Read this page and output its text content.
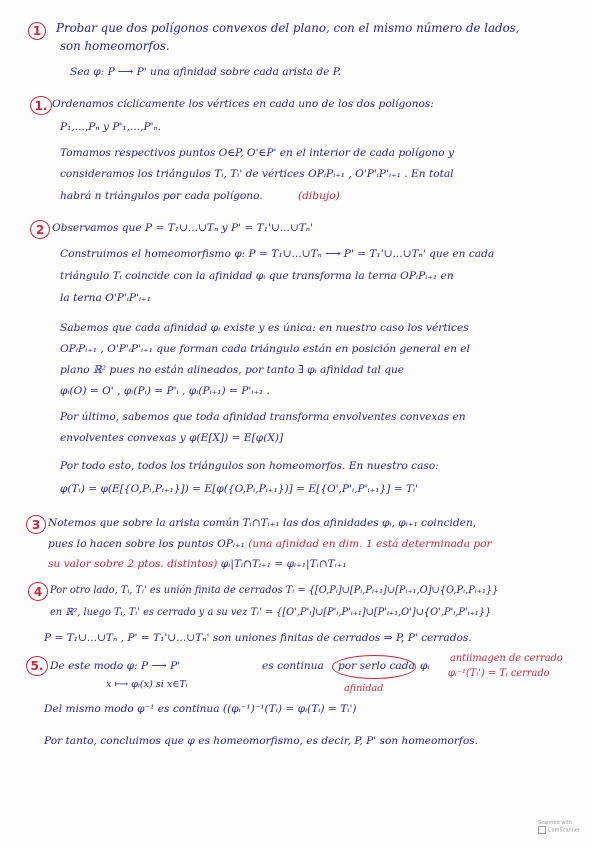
1 Probar que dos polígonos convexos del plano, con el mismo número de lados,
son homeomorfos.
Sea φ: P ⟶ P' una afinidad sobre cada arista de P.
1. Ordenamos cíclicamente los vértices en cada uno de los dos polígonos:
P₁,...,Pₙ y P'₁,...,P'ₙ.
Tomamos respectivos puntos O∈P, O'∈P' en el interior de cada polígono y
consideramos los triángulos Tᵢ, Tᵢ' de vértices OPᵢPᵢ₊₁ , O'P'ᵢP'ᵢ₊₁ . En total
habrá n triángulos por cada polígono.	(dibujo)
2 Observamos que P = T₁∪...∪Tₙ y P' = T₁'∪...∪Tₙ'
Construimos el homeomorfismo φ: P = T₁∪...∪Tₙ ⟶ P' = T₁'∪...∪Tₙ' que en cada
triángulo Tᵢ coincide con la afinidad φᵢ que transforma la terna OPᵢPᵢ₊₁ en
la terna O'P'ᵢP'ᵢ₊₁
Sabemos que cada afinidad φᵢ existe y es única: en nuestro caso los vértices
OPᵢPᵢ₊₁ , O'P'ᵢP'ᵢ₊₁ que forman cada triángulo están en posición general en el
plano ℝ² pues no están alineados, por tanto ∃ φᵢ afinidad tal que
φᵢ(O) = O' , φᵢ(Pᵢ) = P'ᵢ , φᵢ(Pᵢ₊₁) = P'ᵢ₊₁ .
Por último, sabemos que toda afinidad transforma envolventes convexas en
envolventes convexas y φ(E[X]) = E[φ(X)]
Por todo esto, todos los triángulos son homeomorfos. En nuestro caso:
φ(Tᵢ) = φ(E[{O,Pᵢ,Pᵢ₊₁}]) = E[φ({O,Pᵢ,Pᵢ₊₁})] = E[{O',P'ᵢ,P'ᵢ₊₁}] = Tᵢ'
3 Notemos que sobre la arista común Tᵢ∩Tᵢ₊₁ las dos afinidades φᵢ, φᵢ₊₁ coinciden,
pues lo hacen sobre los puntos OPᵢ₊₁ (una afinidad en dim. 1 está determinada por
su valor sobre 2 ptos. distintos) φᵢ|Tᵢ∩Tᵢ₊₁ = φᵢ₊₁|Tᵢ∩Tᵢ₊₁
4 Por otro lado, Tᵢ, Tᵢ' es unión finita de cerrados Tᵢ = {[O,Pᵢ]∪[Pᵢ,Pᵢ₊₁]∪[Pᵢ₊₁,O]∪{O,Pᵢ,Pᵢ₊₁}}
en ℝ², luego Tᵢ, Tᵢ' es cerrado y a su vez Tᵢ' = {[O',P'ᵢ]∪[P'ᵢ,P'ᵢ₊₁]∪[P'ᵢ₊₁,O']∪{O',P'ᵢ,P'ᵢ₊₁}}
P = T₁∪...∪Tₙ , P' = T₁'∪...∪Tₙ' son uniones finitas de cerrados ⇒ P, P' cerrados.
5. De este modo φ: P ⟶ P'	es continua por serlo cada φᵢ
antiimagen de cerrado
φᵢ⁻¹(Tᵢ') = Tᵢ cerrado
x ⟼ φᵢ(x) si x∈Tᵢ	afinidad
Del mismo modo φ⁻¹ es continua ((φᵢ⁻¹)⁻¹(Tᵢ) = φᵢ(Tᵢ) = Tᵢ')
Por tanto, concluimos que φ es homeomorfismo, es decir, P, P' son homeomorfos.
Scanned with
CamScanner
